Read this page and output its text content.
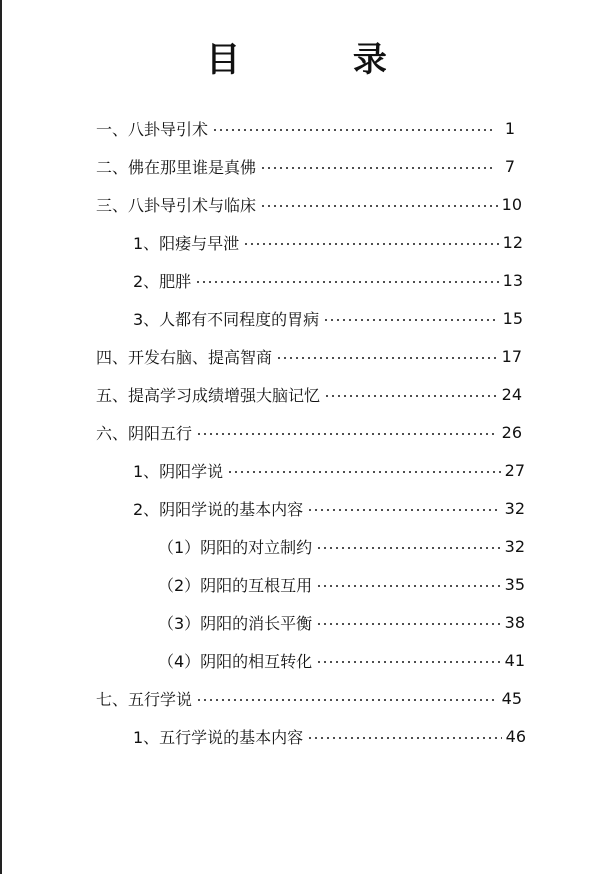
目        录
一、八卦导引术	1
二、佛在那里谁是真佛	7
三、八卦导引术与临床	10
1、阳痿与早泄	12
2、肥胖	13
3、人都有不同程度的胃病	15
四、开发右脑、提高智商	17
五、提高学习成绩增强大脑记忆	24
六、阴阳五行	26
1、阴阳学说	27
2、阴阳学说的基本内容	32
（1）阴阳的对立制约	32
（2）阴阳的互根互用	35
（3）阴阳的消长平衡	38
（4）阴阳的相互转化	41
七、五行学说	45
1、五行学说的基本内容	46
